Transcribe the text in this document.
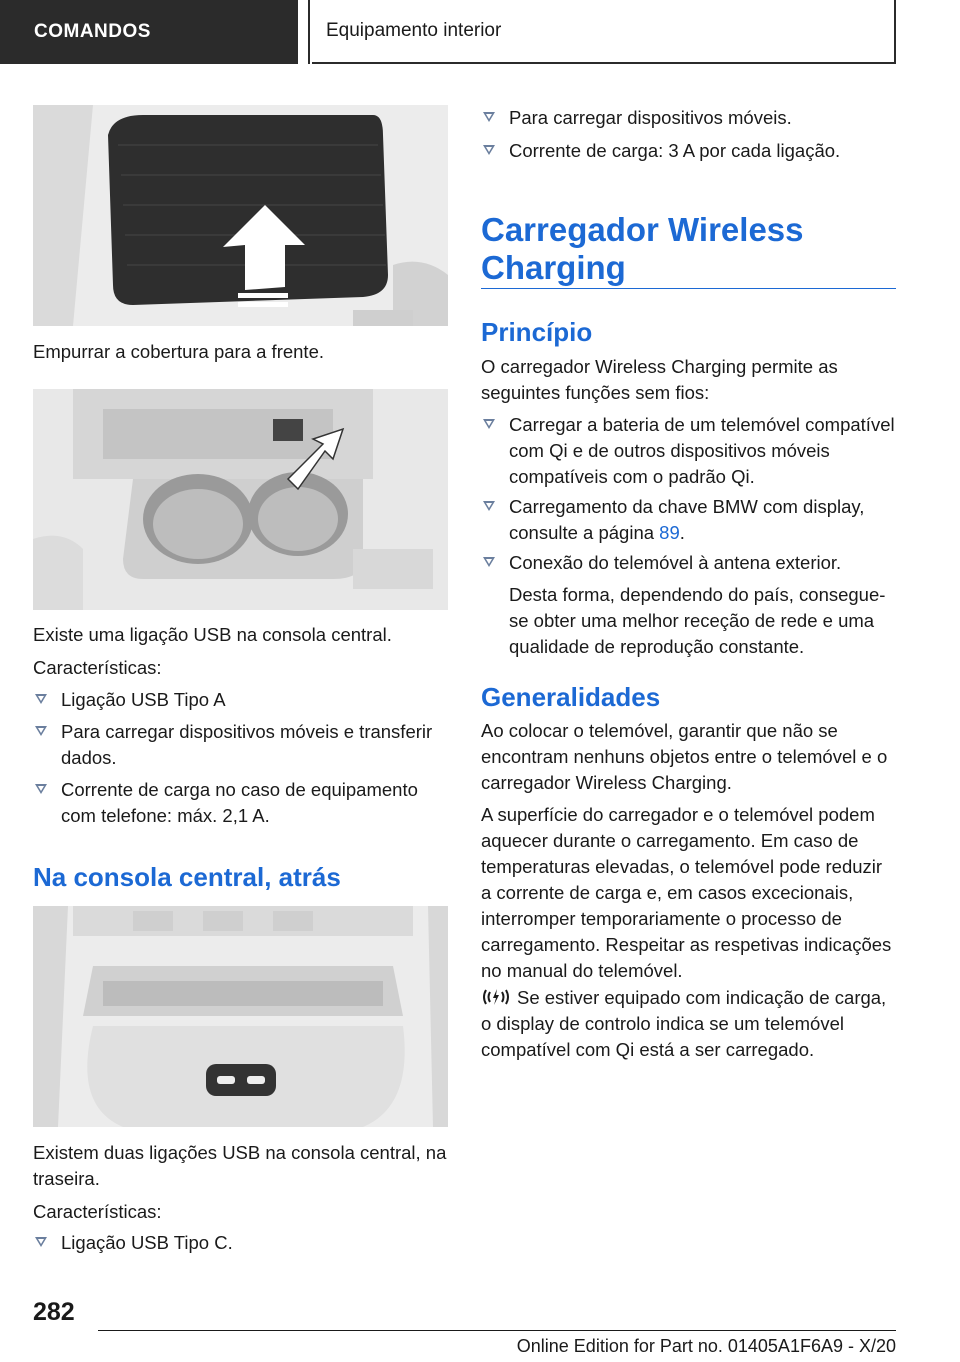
COMANDOS	Equipamento interior
Empurrar a cobertura para a frente.
Existe uma ligação USB na consola central.
Características:
Ligação USB Tipo A
Para carregar dispositivos móveis e transferir dados.
Corrente de carga no caso de equipamento com telefone: máx. 2,1 A.
Na consola central, atrás
Existem duas ligações USB na consola central, na traseira.
Características:
Ligação USB Tipo C.
Para carregar dispositivos móveis.
Corrente de carga: 3 A por cada ligação.
Carregador Wireless Charging
Princípio
O carregador Wireless Charging permite as seguintes funções sem fios:
Carregar a bateria de um telemóvel compatível com Qi e de outros dispositivos móveis compatíveis com o padrão Qi.
Carregamento da chave BMW com display, consulte a página 89.
Conexão do telemóvel à antena exterior.
Desta forma, dependendo do país, consegue-se obter uma melhor receção de rede e uma qualidade de reprodução constante.
Generalidades
Ao colocar o telemóvel, garantir que não se encontram nenhuns objetos entre o telemóvel e o carregador Wireless Charging.
A superfície do carregador e o telemóvel podem aquecer durante o carregamento. Em caso de temperaturas elevadas, o telemóvel pode reduzir a corrente de carga e, em casos excecionais, interromper temporariamente o processo de carregamento. Respeitar as respetivas indicações no manual do telemóvel.
Se estiver equipado com indicação de carga, o display de controlo indica se um telemóvel compatível com Qi está a ser carregado.
282
Online Edition for Part no. 01405A1F6A9 - X/20
